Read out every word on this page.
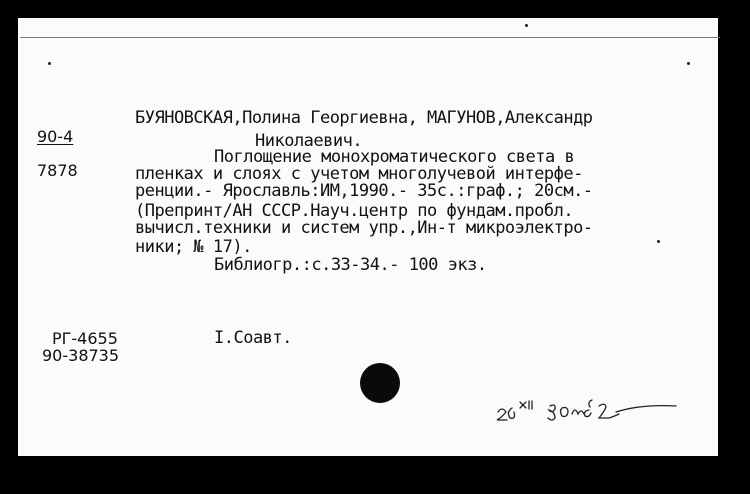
90-4
7878
БУЯНОВСКАЯ,Полина Георгиевна, МАГУНОВ,Александр
Николаевич.
Поглощение монохроматического света в
пленках и слоях с учетом многолучевой интерфе-
ренции.- Ярославль:ИМ,1990.- 35с.:граф.; 20см.-
(Препринт/АН СССР.Науч.центр по фундам.пробл.
вычисл.техники и систем упр.,Ин-т микроэлектро-
ники; № 17).
Библиогр.:с.33-34.- 100 экз.
РГ-4655
90-38735
I.Соавт.
